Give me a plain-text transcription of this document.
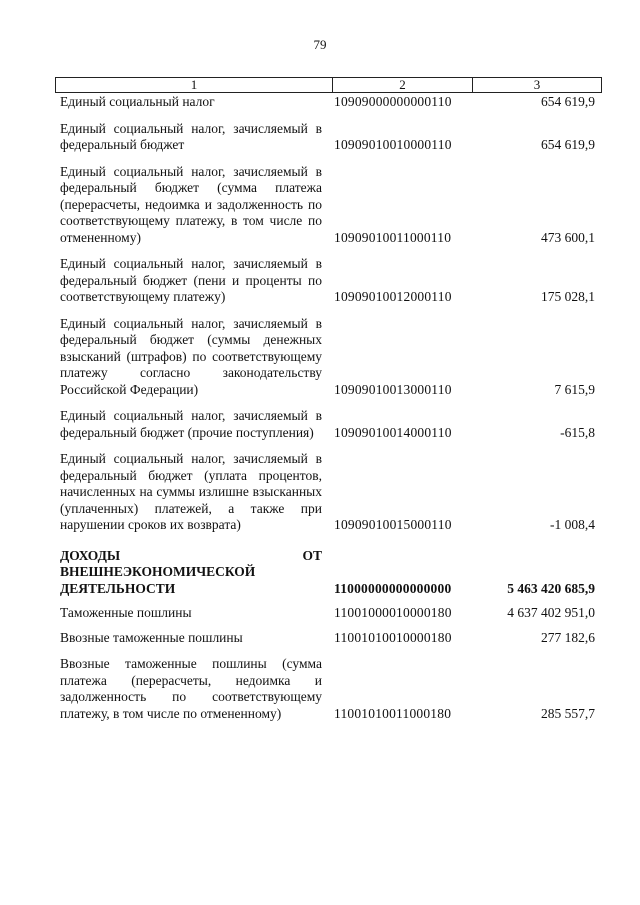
79
1	2	3
Единый социальный налог	10909000000000110	654 619,9
Единый социальный налог, зачисляемый в федеральный бюджет	10909010010000110	654 619,9
Единый социальный налог, зачисляемый в федеральный бюджет (сумма платежа (перерасчеты, недоимка и задолженность по соответствующему платежу, в том числе по отмененному)	10909010011000110	473 600,1
Единый социальный налог, зачисляемый в федеральный бюджет (пени и проценты по соответствующему платежу)	10909010012000110	175 028,1
Единый социальный налог, зачисляемый в федеральный бюджет (суммы денежных взысканий (штрафов) по соответствующему платежу согласно законодательству Российской Федерации)	10909010013000110	7 615,9
Единый социальный налог, зачисляемый в федеральный бюджет (прочие поступления)	10909010014000110	-615,8
Единый социальный налог, зачисляемый в федеральный бюджет (уплата процентов, начисленных на суммы излишне взысканных (уплаченных) платежей, а также при нарушении сроков их возврата)	10909010015000110	-1 008,4
ДОХОДЫ ОТ ВНЕШНЕЭКОНОМИЧЕСКОЙ ДЕЯТЕЛЬНОСТИ	11000000000000000	5 463 420 685,9
Таможенные пошлины	11001000010000180	4 637 402 951,0
Ввозные таможенные пошлины	11001010010000180	277 182,6
Ввозные таможенные пошлины (сумма платежа (перерасчеты, недоимка и задолженность по соответствующему платежу, в том числе по отмененному)	11001010011000180	285 557,7
